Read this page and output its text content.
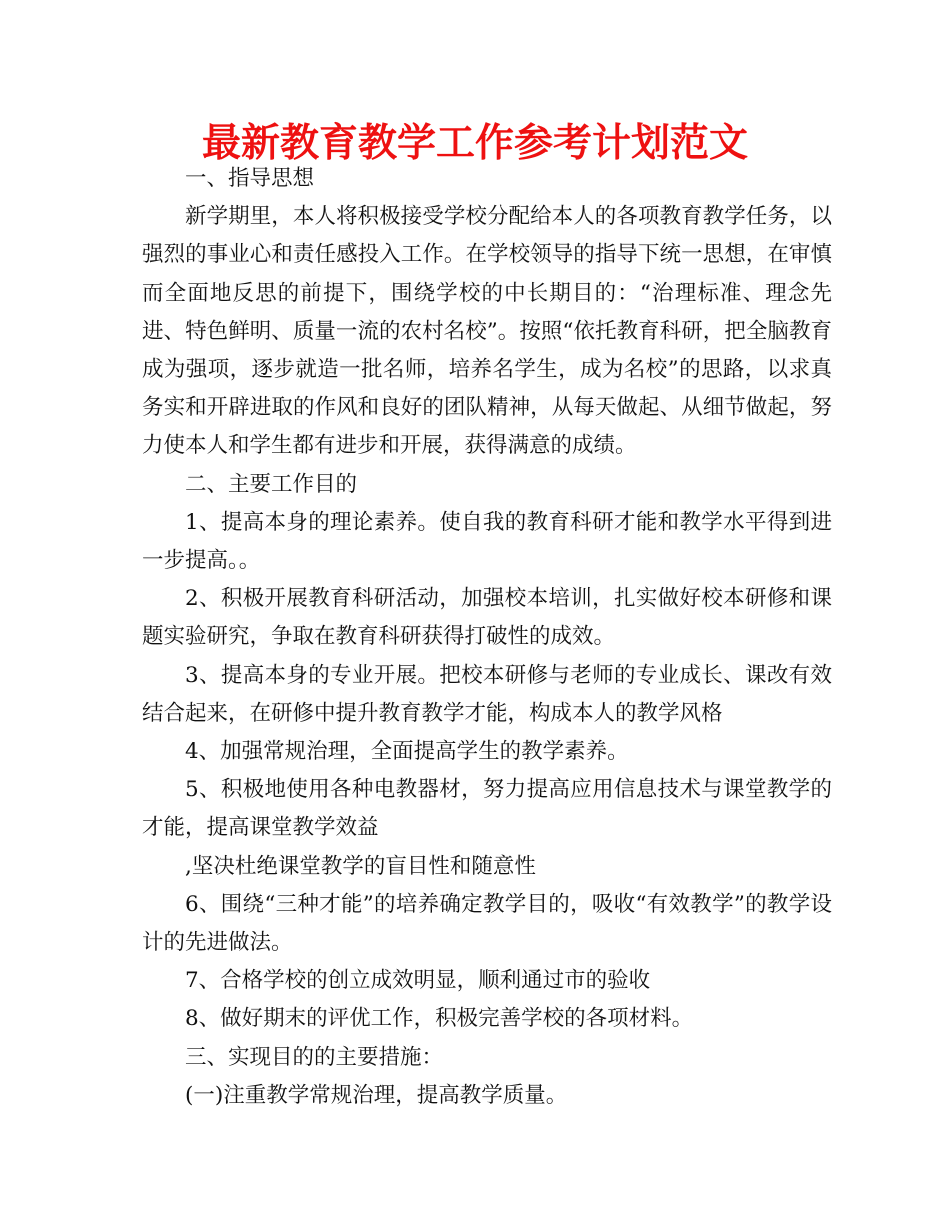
最新教育教学工作参考计划范文

一、指导思想

新学期里，本人将积极接受学校分配给本人的各项教育教学任务，以强烈的事业心和责任感投入工作。在学校领导的指导下统一思想，在审慎而全面地反思的前提下，围绕学校的中长期目的：“治理标准、理念先进、特色鲜明、质量一流的农村名校”。按照“依托教育科研，把全脑教育成为强项，逐步就造一批名师，培养名学生，成为名校”的思路，以求真务实和开辟进取的作风和良好的团队精神，从每天做起、从细节做起，努力使本人和学生都有进步和开展，获得满意的成绩。

二、主要工作目的

1、提高本身的理论素养。使自我的教育科研才能和教学水平得到进一步提高。。

2、积极开展教育科研活动，加强校本培训，扎实做好校本研修和课题实验研究，争取在教育科研获得打破性的成效。

3、提高本身的专业开展。把校本研修与老师的专业成长、课改有效结合起来，在研修中提升教育教学才能，构成本人的教学风格

4、加强常规治理，全面提高学生的教学素养。

5、积极地使用各种电教器材，努力提高应用信息技术与课堂教学的才能，提高课堂教学效益

,坚决杜绝课堂教学的盲目性和随意性

6、围绕“三种才能”的培养确定教学目的，吸收“有效教学”的教学设计的先进做法。

7、合格学校的创立成效明显，顺利通过市的验收

8、做好期末的评优工作，积极完善学校的各项材料。

三、实现目的的主要措施：

(一)注重教学常规治理，提高教学质量。
